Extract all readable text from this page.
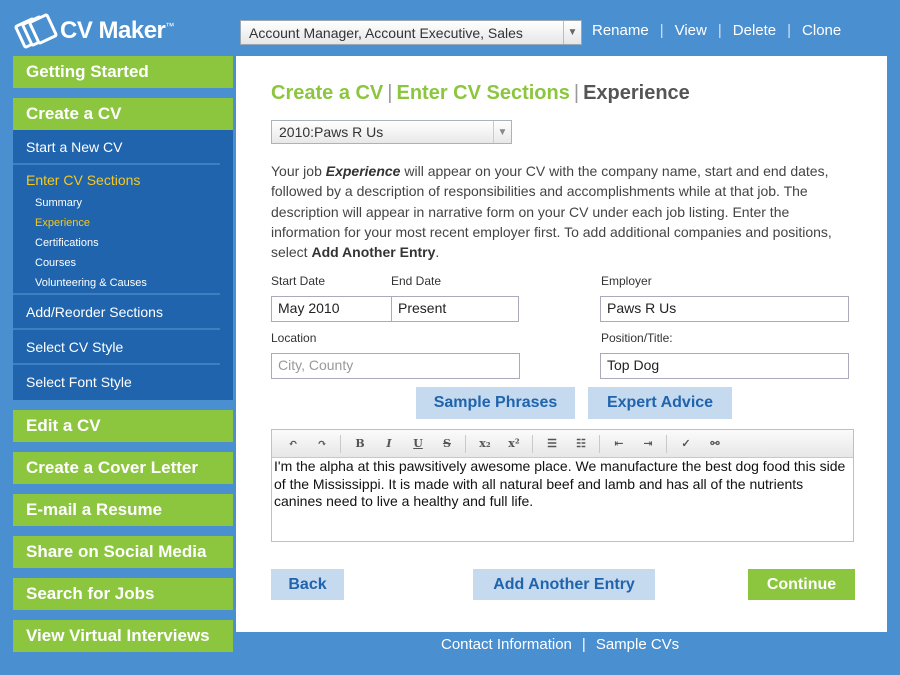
CV Maker™	Account Manager, Account Executive, Sales	▼ Rename | View | Delete | Clone
Getting Started
Create a CV
Start a New CV
Enter CV Sections
Summary
Experience
Certifications
Courses
Volunteering & Causes
Add/Reorder Sections
Select CV Style
Select Font Style
Edit a CV
Create a Cover Letter
E-mail a Resume
Share on Social Media
Search for Jobs
View Virtual Interviews
Create a CV | Enter CV Sections | Experience
2010:Paws R Us	▼
Your job Experience will appear on your CV with the company name, start and end dates, followed by a description of responsibilities and accomplishments while at that job. The description will appear in narrative form on your CV under each job listing. Enter the information for your most recent employer first. To add additional companies and positions, select Add Another Entry.
Start Date	End Date	Employer
May 2010	Present	Paws R Us
Location	Position/Title:
City, County	Top Dog
Sample Phrases	Expert Advice
↶	↷	B	I U S	x₂	x²	☰	☷	⇤	⇥	✓	⚯
I'm the alpha at this pawsitively awesome place. We manufacture the best dog food this side of the Mississippi. It is made with all natural beef and lamb and has all of the nutrients canines need to live a healthy and full life.
Back	Add Another Entry	Continue
Contact Information | Sample CVs
